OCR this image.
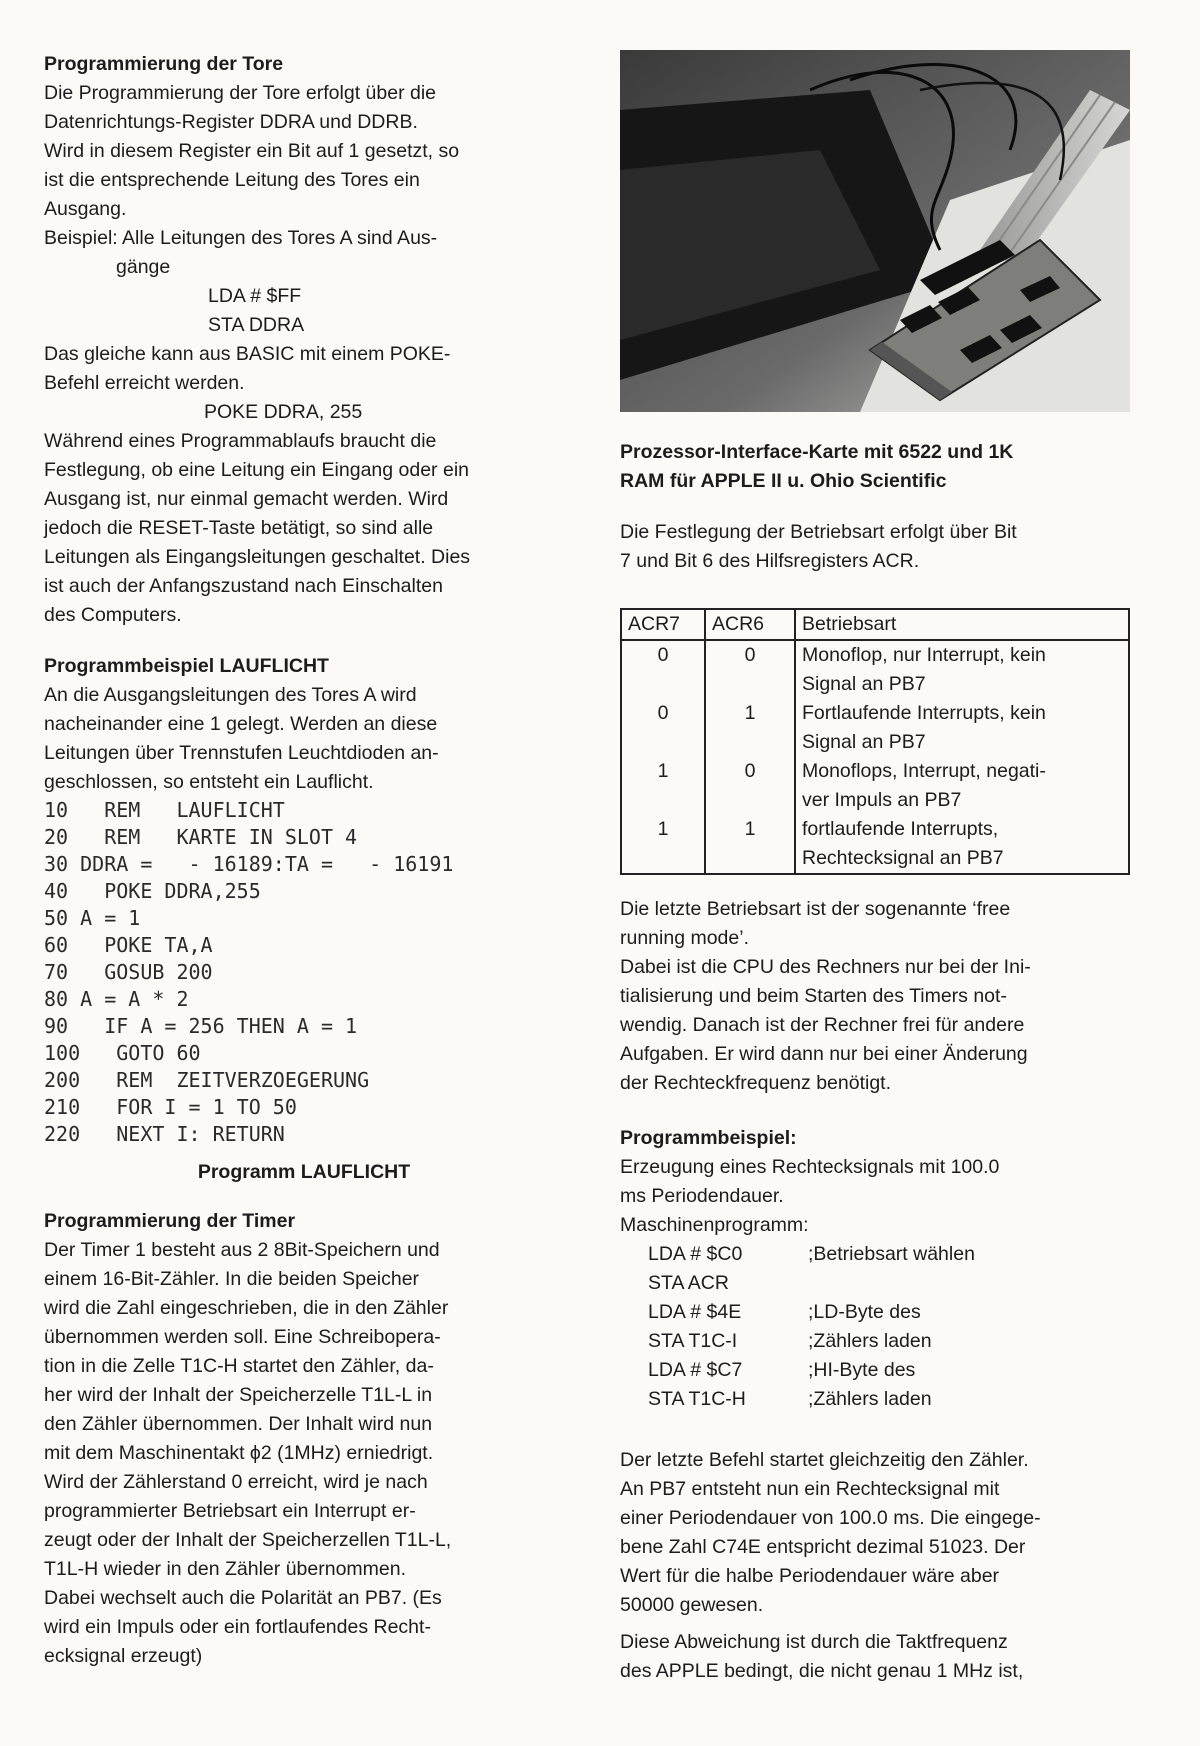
Programmierung der Tore

Die Programmierung der Tore erfolgt über die

Datenrichtungs-Register DDRA und DDRB.

Wird in diesem Register ein Bit auf 1 gesetzt, so

ist die entsprechende Leitung des Tores ein

Ausgang.

Beispiel: Alle Leitungen des Tores A sind Aus-

gänge

LDA # $FF

STA DDRA

Das gleiche kann aus BASIC mit einem POKE-

Befehl erreicht werden.

POKE DDRA, 255

Während eines Programmablaufs braucht die

Festlegung, ob eine Leitung ein Eingang oder ein

Ausgang ist, nur einmal gemacht werden. Wird

jedoch die RESET-Taste betätigt, so sind alle

Leitungen als Eingangsleitungen geschaltet. Dies

ist auch der Anfangszustand nach Einschalten

des Computers.

Programmbeispiel LAUFLICHT

An die Ausgangsleitungen des Tores A wird

nacheinander eine 1 gelegt. Werden an diese

Leitungen über Trennstufen Leuchtdioden an-

geschlossen, so entsteht ein Lauflicht.

10   REM   LAUFLICHT

20   REM   KARTE IN SLOT 4

30 DDRA =   - 16189:TA =   - 16191

40   POKE DDRA,255

50 A = 1

60   POKE TA,A

70   GOSUB 200

80 A = A * 2

90   IF A = 256 THEN A = 1

100   GOTO 60

200   REM  ZEITVERZOEGERUNG

210   FOR I = 1 TO 50

220   NEXT I: RETURN

Programm LAUFLICHT

Programmierung der Timer

Der Timer 1 besteht aus 2 8Bit-Speichern und

einem 16-Bit-Zähler. In die beiden Speicher

wird die Zahl eingeschrieben, die in den Zähler

übernommen werden soll. Eine Schreibopera-

tion in die Zelle T1C-H startet den Zähler, da-

her wird der Inhalt der Speicherzelle T1L-L in

den Zähler übernommen. Der Inhalt wird nun

mit dem Maschinentakt ϕ2 (1MHz) erniedrigt.

Wird der Zählerstand 0 erreicht, wird je nach

programmierter Betriebsart ein Interrupt er-

zeugt oder der Inhalt der Speicherzellen T1L-L,

T1L-H wieder in den Zähler übernommen.

Dabei wechselt auch die Polarität an PB7. (Es

wird ein Impuls oder ein fortlaufendes Recht-

ecksignal erzeugt)

Prozessor-Interface-Karte mit 6522 und 1K

RAM für APPLE II u. Ohio Scientific

Die Festlegung der Betriebsart erfolgt über Bit

7 und Bit 6 des Hilfsregisters ACR.

ACR7	ACR6	Betriebsart
0	0	Monoflop, nur Interrupt, kein
Signal an PB7

0	1	Fortlaufende Interrupts, kein
Signal an PB7

1	0	Monoflops, Interrupt, negati-
ver Impuls an PB7

1	1	fortlaufende Interrupts,
Rechtecksignal an PB7

Die letzte Betriebsart ist der sogenannte ‘free

running mode’.

Dabei ist die CPU des Rechners nur bei der Ini-

tialisierung und beim Starten des Timers not-

wendig. Danach ist der Rechner frei für andere

Aufgaben. Er wird dann nur bei einer Änderung

der Rechteckfrequenz benötigt.

Programmbeispiel:

Erzeugung eines Rechtecksignals mit 100.0

ms Periodendauer.

Maschinenprogramm:

LDA # $C0	;Betriebsart wählen

STA ACR

LDA # $4E	;LD-Byte des

STA T1C-I	;Zählers laden

LDA # $C7	;HI-Byte des

STA T1C-H	;Zählers laden

Der letzte Befehl startet gleichzeitig den Zähler.

An PB7 entsteht nun ein Rechtecksignal mit

einer Periodendauer von 100.0 ms. Die eingege-

bene Zahl C74E entspricht dezimal 51023. Der

Wert für die halbe Periodendauer wäre aber

50000 gewesen.

Diese Abweichung ist durch die Taktfrequenz

des APPLE bedingt, die nicht genau 1 MHz ist,
